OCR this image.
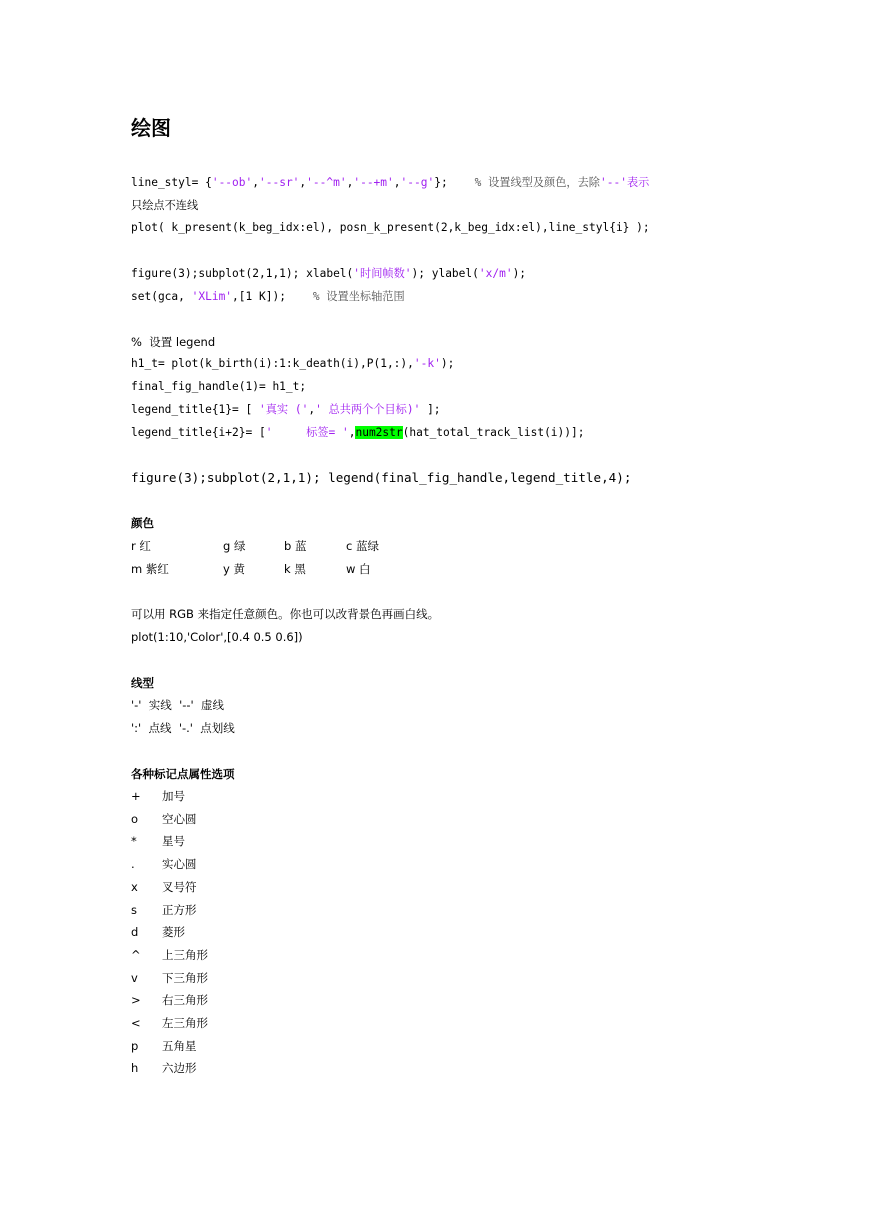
绘图
line_styl= {'--ob','--sr','--^m','--+m','--g'};    % 设置线型及颜色，去除'--'表示
只绘点不连线
plot( k_present(k_beg_idx:el), posn_k_present(2,k_beg_idx:el),line_styl{i} );
figure(3);subplot(2,1,1); xlabel('时间帧数'); ylabel('x/m');
set(gca, 'XLim',[1 K]);    % 设置坐标轴范围
%  设置 legend
h1_t= plot(k_birth(i):1:k_death(i),P(1,:),'-k');
final_fig_handle(1)= h1_t;
legend_title{1}= [ '真实 (',' 总共两个个目标)' ];
legend_title{i+2}= ['     标签= ',num2str(hat_total_track_list(i))];
figure(3);subplot(2,1,1); legend(final_fig_handle,legend_title,4);
颜色
r 红	g 绿	b 蓝	c 蓝绿
m 紫红	y 黄	k 黑	w 白
可以用 RGB 来指定任意颜色。你也可以改背景色再画白线。
plot(1:10,'Color',[0.4 0.5 0.6])
线型
'-'  实线  '--'  虚线
':'  点线  '-.'  点划线
各种标记点属性选项
+ 加号
o 空心圆
* 星号
. 实心圆
x 叉号符
s 正方形
d 菱形
^ 上三角形
v 下三角形
> 右三角形
< 左三角形
p 五角星
h 六边形
